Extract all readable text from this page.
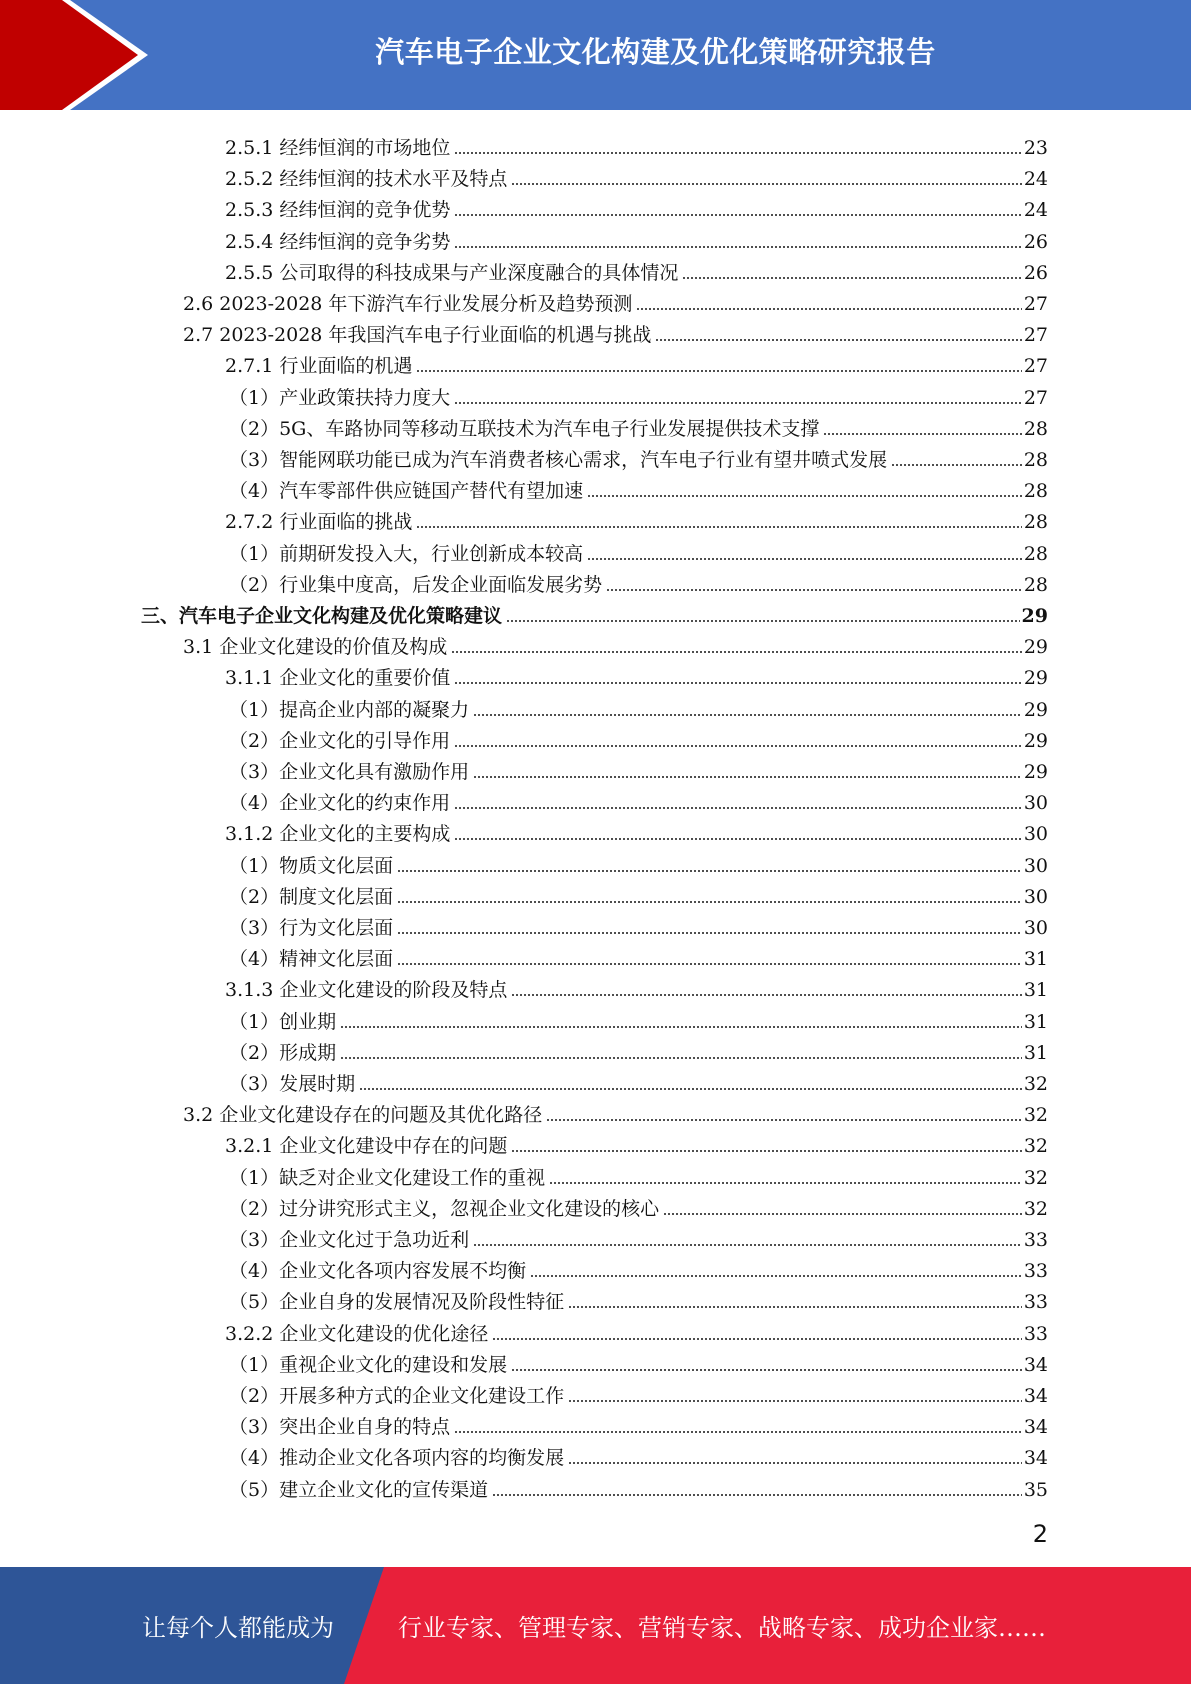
汽车电子企业文化构建及优化策略研究报告
2.5.1 经纬恒润的市场地位	23
2.5.2 经纬恒润的技术水平及特点	24
2.5.3 经纬恒润的竞争优势	24
2.5.4 经纬恒润的竞争劣势	26
2.5.5 公司取得的科技成果与产业深度融合的具体情况	26
2.6 2023-2028 年下游汽车行业发展分析及趋势预测	27
2.7 2023-2028 年我国汽车电子行业面临的机遇与挑战	27
2.7.1 行业面临的机遇	27
（1）产业政策扶持力度大	27
（2）5G、车路协同等移动互联技术为汽车电子行业发展提供技术支撑	28
（3）智能网联功能已成为汽车消费者核心需求，汽车电子行业有望井喷式发展	28
（4）汽车零部件供应链国产替代有望加速	28
2.7.2 行业面临的挑战	28
（1）前期研发投入大，行业创新成本较高	28
（2）行业集中度高，后发企业面临发展劣势	28
三、汽车电子企业文化构建及优化策略建议	29
3.1 企业文化建设的价值及构成	29
3.1.1 企业文化的重要价值	29
（1）提高企业内部的凝聚力	29
（2）企业文化的引导作用	29
（3）企业文化具有激励作用	29
（4）企业文化的约束作用	30
3.1.2 企业文化的主要构成	30
（1）物质文化层面	30
（2）制度文化层面	30
（3）行为文化层面	30
（4）精神文化层面	31
3.1.3 企业文化建设的阶段及特点	31
（1）创业期	31
（2）形成期	31
（3）发展时期	32
3.2 企业文化建设存在的问题及其优化路径	32
3.2.1 企业文化建设中存在的问题	32
（1）缺乏对企业文化建设工作的重视	32
（2）过分讲究形式主义，忽视企业文化建设的核心	32
（3）企业文化过于急功近利	33
（4）企业文化各项内容发展不均衡	33
（5）企业自身的发展情况及阶段性特征	33
3.2.2 企业文化建设的优化途径	33
（1）重视企业文化的建设和发展	34
（2）开展多种方式的企业文化建设工作	34
（3）突出企业自身的特点	34
（4）推动企业文化各项内容的均衡发展	34
（5）建立企业文化的宣传渠道	35
2
让每个人都能成为	行业专家、管理专家、营销专家、战略专家、成功企业家……
